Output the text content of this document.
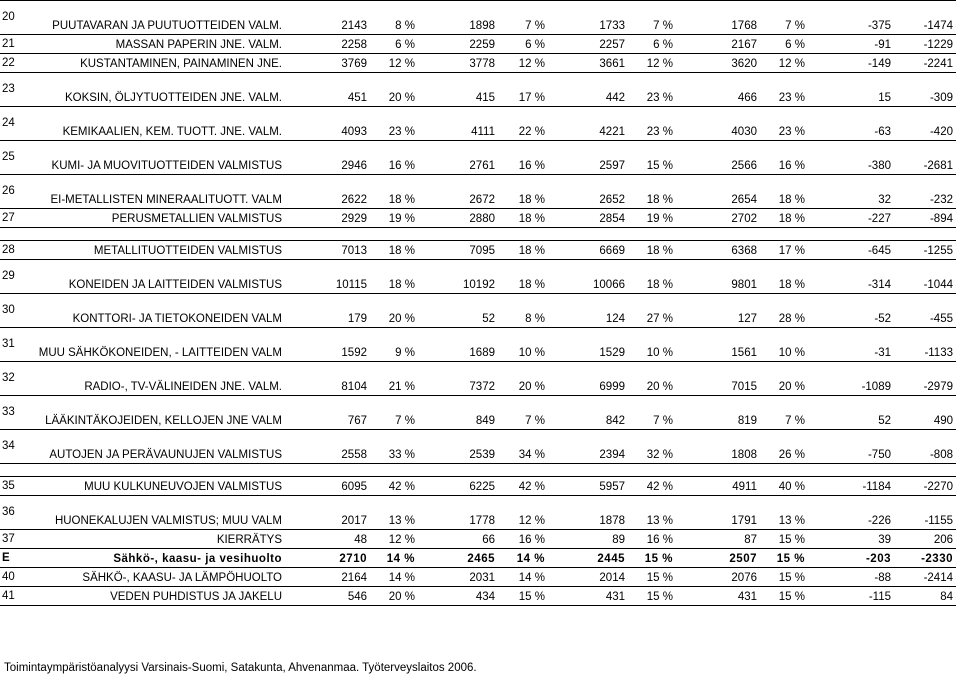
20	PUUTAVARAN JA PUUTUOTTEIDEN VALM.	2143	8 %	1898	7 %	1733	7 %	1768	7 %	-375	-1474
21	MASSAN PAPERIN JNE. VALM.	2258	6 %	2259	6 %	2257	6 %	2167	6 %	-91	-1229
22	KUSTANTAMINEN, PAINAMINEN JNE.	3769	12 %	3778	12 %	3661	12 %	3620	12 %	-149	-2241
23	KOKSIN, ÖLJYTUOTTEIDEN JNE. VALM.	451	20 %	415	17 %	442	23 %	466	23 %	15	-309
24	KEMIKAALIEN, KEM. TUOTT. JNE. VALM.	4093	23 %	4111	22 %	4221	23 %	4030	23 %	-63	-420
25	KUMI- JA MUOVITUOTTEIDEN VALMISTUS	2946	16 %	2761	16 %	2597	15 %	2566	16 %	-380	-2681
26	EI-METALLISTEN MINERAALITUOTT. VALM	2622	18 %	2672	18 %	2652	18 %	2654	18 %	32	-232
27	PERUSMETALLIEN VALMISTUS	2929	19 %	2880	18 %	2854	19 %	2702	18 %	-227	-894

28	METALLITUOTTEIDEN VALMISTUS	7013	18 %	7095	18 %	6669	18 %	6368	17 %	-645	-1255
29	KONEIDEN JA LAITTEIDEN VALMISTUS	10115	18 %	10192	18 %	10066	18 %	9801	18 %	-314	-1044
30	KONTTORI- JA TIETOKONEIDEN VALM	179	20 %	52	8 %	124	27 %	127	28 %	-52	-455
31	MUU SÄHKÖKONEIDEN, - LAITTEIDEN VALM	1592	9 %	1689	10 %	1529	10 %	1561	10 %	-31	-1133
32	RADIO-, TV-VÄLINEIDEN JNE. VALM.	8104	21 %	7372	20 %	6999	20 %	7015	20 %	-1089	-2979
33	LÄÄKINTÄKOJEIDEN, KELLOJEN JNE VALM	767	7 %	849	7 %	842	7 %	819	7 %	52	490
34	AUTOJEN JA PERÄVAUNUJEN VALMISTUS	2558	33 %	2539	34 %	2394	32 %	1808	26 %	-750	-808

35	MUU KULKUNEUVOJEN VALMISTUS	6095	42 %	6225	42 %	5957	42 %	4911	40 %	-1184	-2270
36	HUONEKALUJEN VALMISTUS; MUU VALM	2017	13 %	1778	12 %	1878	13 %	1791	13 %	-226	-1155
37	KIERRÄTYS	48	12 %	66	16 %	89	16 %	87	15 %	39	206
E	Sähkö-, kaasu- ja vesihuolto	2710	14 %	2465	14 %	2445	15 %	2507	15 %	-203	-2330
40	SÄHKÖ-, KAASU- JA LÄMPÖHUOLTO	2164	14 %	2031	14 %	2014	15 %	2076	15 %	-88	-2414
41	VEDEN PUHDISTUS JA JAKELU	546	20 %	434	15 %	431	15 %	431	15 %	-115	84
Toimintaympäristöanalyysi Varsinais-Suomi, Satakunta, Ahvenanmaa. Työterveyslaitos 2006.
